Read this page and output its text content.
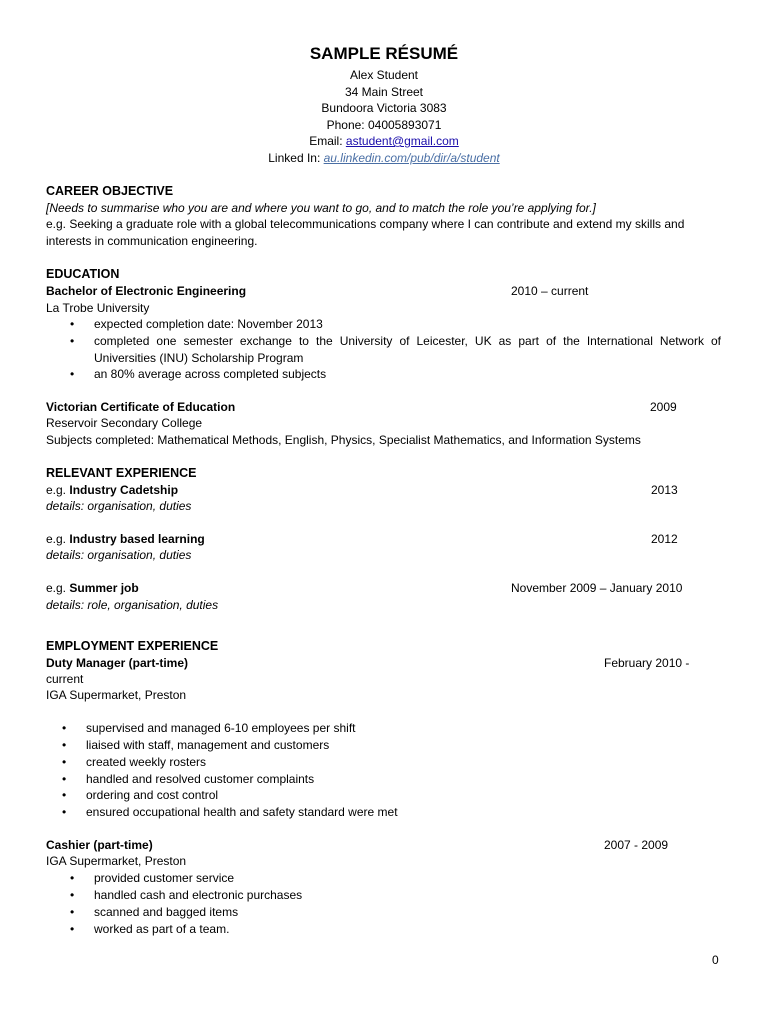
SAMPLE RÉSUMÉ
Alex Student
34 Main Street
Bundoora Victoria 3083
Phone: 04005893071
Email: astudent@gmail.com
Linked In: au.linkedin.com/pub/dir/a/student
CAREER OBJECTIVE
[Needs to summarise who you are and where you want to go, and to match the role you’re applying for.]
e.g. Seeking a graduate role with a global telecommunications company where I can contribute and extend my skills and interests in communication engineering.
EDUCATION
Bachelor of Electronic Engineering	2010 – current
La Trobe University
•	expected completion date: November 2013
•	completed one semester exchange to the University of Leicester, UK as part of the International Network of Universities (INU) Scholarship Program
•	an 80% average across completed subjects
Victorian Certificate of Education	2009
Reservoir Secondary College
Subjects completed: Mathematical Methods, English, Physics, Specialist Mathematics, and Information Systems
RELEVANT EXPERIENCE
e.g. Industry Cadetship	2013
details: organisation, duties
e.g. Industry based learning	2012
details: organisation, duties
e.g. Summer job	November 2009 – January 2010
details: role, organisation, duties
EMPLOYMENT EXPERIENCE
Duty Manager (part-time)	February 2010 -
current
IGA Supermarket, Preston
•	supervised and managed 6-10 employees per shift
•	liaised with staff, management and customers
•	created weekly rosters
•	handled and resolved customer complaints
•	ordering and cost control
•	ensured occupational health and safety standard were met
Cashier (part-time)	2007 - 2009
IGA Supermarket, Preston
•	provided customer service
•	handled cash and electronic purchases
•	scanned and bagged items
•	worked as part of a team.
0
